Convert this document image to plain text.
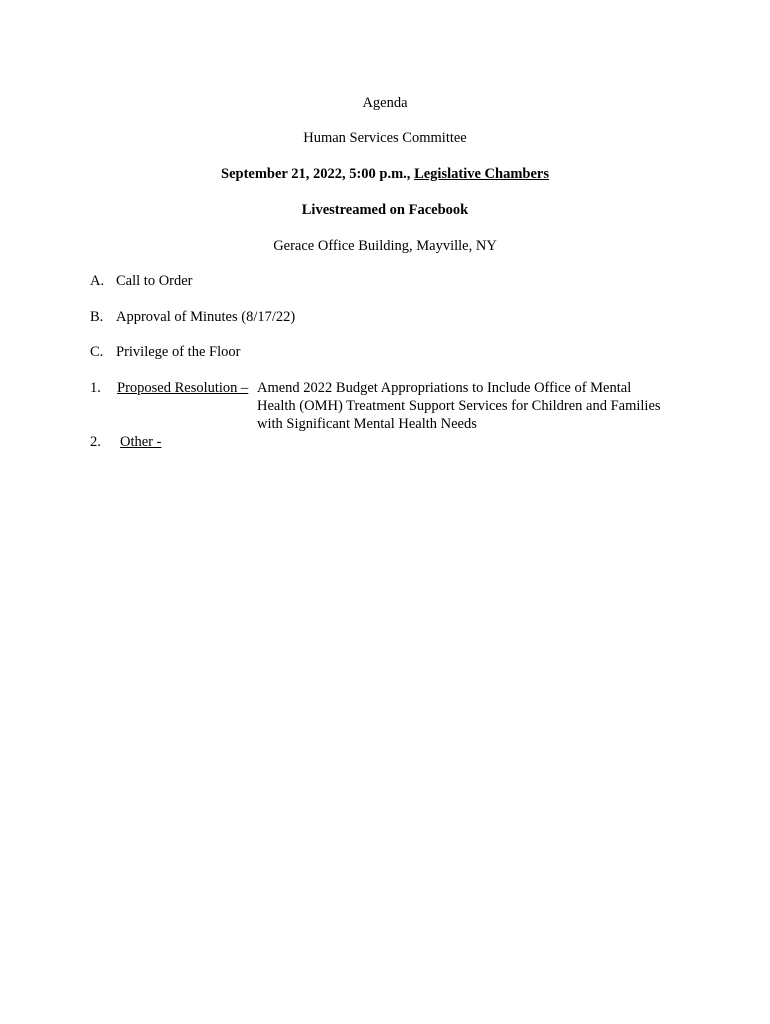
Agenda
Human Services Committee
September 21, 2022, 5:00 p.m., Legislative Chambers
Livestreamed on Facebook
Gerace Office Building, Mayville, NY
A. Call to Order
B. Approval of Minutes (8/17/22)
C. Privilege of the Floor
1. Proposed Resolution – Amend 2022 Budget Appropriations to Include Office of Mental
Health (OMH) Treatment Support Services for Children and Families
with Significant Mental Health Needs
2. Other -
